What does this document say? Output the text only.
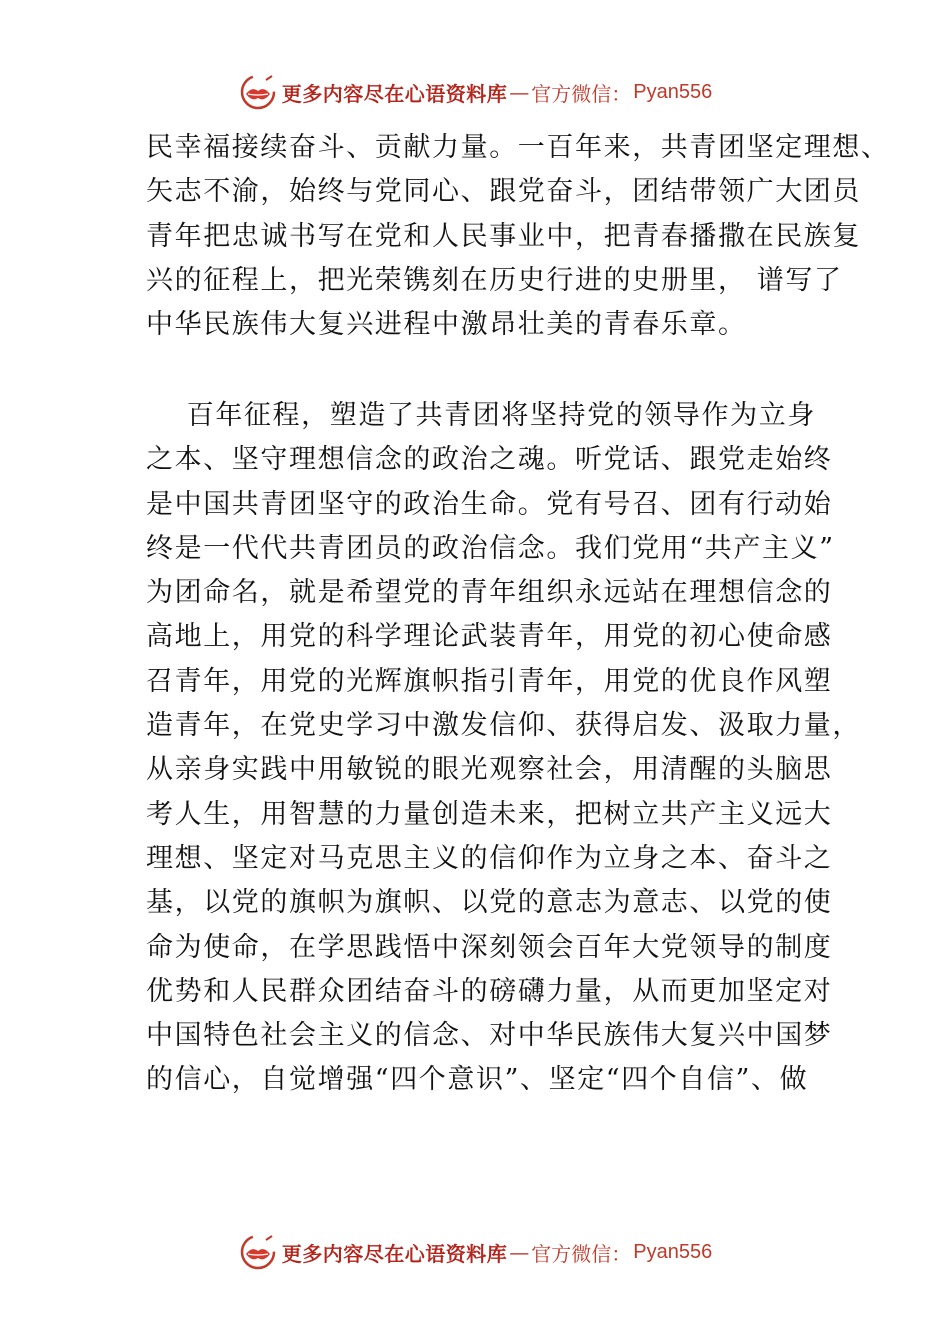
更多内容尽在心语资料库 — 官方微信： Pyan556
民幸福接续奋斗、贡献力量。一百年来，共青团坚定理想、
矢志不渝，始终与党同心、跟党奋斗，团结带领广大团员
青年把忠诚书写在党和人民事业中，把青春播撒在民族复
兴的征程上，把光荣镌刻在历史行进的史册里， 谱写了
中华民族伟大复兴进程中激昂壮美的青春乐章。
百年征程，塑造了共青团将坚持党的领导作为立身
之本、坚守理想信念的政治之魂。听党话、跟党走始终
是中国共青团坚守的政治生命。党有号召、团有行动始
终是一代代共青团员的政治信念。我们党用“共产主义”
为团命名，就是希望党的青年组织永远站在理想信念的
高地上，用党的科学理论武装青年，用党的初心使命感
召青年，用党的光辉旗帜指引青年，用党的优良作风塑
造青年，在党史学习中激发信仰、获得启发、汲取力量，
从亲身实践中用敏锐的眼光观察社会，用清醒的头脑思
考人生，用智慧的力量创造未来，把树立共产主义远大
理想、坚定对马克思主义的信仰作为立身之本、奋斗之
基，以党的旗帜为旗帜、以党的意志为意志、以党的使
命为使命，在学思践悟中深刻领会百年大党领导的制度
优势和人民群众团结奋斗的磅礴力量，从而更加坚定对
中国特色社会主义的信念、对中华民族伟大复兴中国梦
的信心，自觉增强“四个意识”、坚定“四个自信”、做
更多内容尽在心语资料库 — 官方微信： Pyan556
